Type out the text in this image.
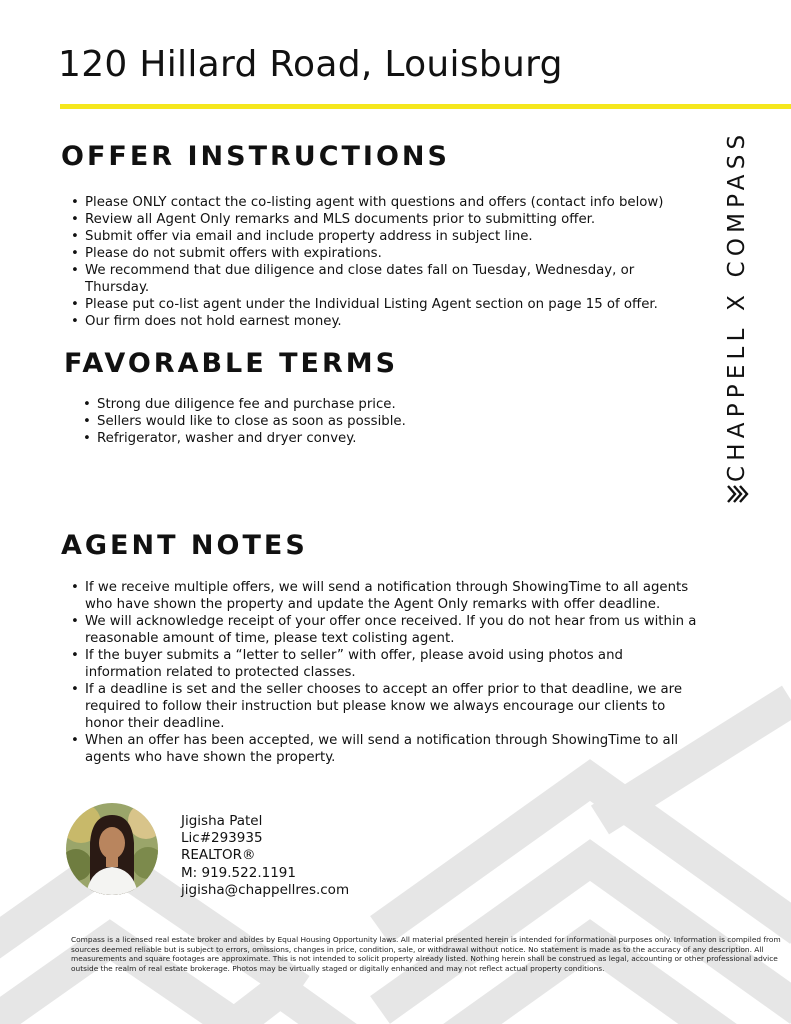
120 Hillard Road, Louisburg
CHAPPELL X COMPASS
OFFER INSTRUCTIONS
• Please ONLY contact the co-listing agent with questions and offers (contact info below)
• Review all Agent Only remarks and MLS documents prior to submitting offer.
• Submit offer via email and include property address in subject line.
• Please do not submit offers with expirations.
• We recommend that due diligence and close dates fall on Tuesday, Wednesday, or Thursday.
• Please put co-list agent under the Individual Listing Agent section on page 15 of offer.
• Our firm does not hold earnest money.
FAVORABLE TERMS
• Strong due diligence fee and purchase price.
• Sellers would like to close as soon as possible.
• Refrigerator, washer and dryer convey.
AGENT NOTES
• If we receive multiple offers, we will send a notification through ShowingTime to all agents who have shown the property and update the Agent Only remarks with offer deadline.
• We will acknowledge receipt of your offer once received. If you do not hear from us within a reasonable amount of time, please text colisting agent.
• If the buyer submits a “letter to seller” with offer, please avoid using photos and information related to protected classes.
• If a deadline is set and the seller chooses to accept an offer prior to that deadline, we are required to follow their instruction but please know we always encourage our clients to honor their deadline.
• When an offer has been accepted, we will send a notification through ShowingTime to all agents who have shown the property.
Jigisha Patel
Lic#293935
REALTOR®
M: 919.522.1191
jigisha@chappellres.com

Compass is a licensed real estate broker and abides by Equal Housing Opportunity laws. All material presented herein is intended for informational purposes only. Information is compiled from sources deemed reliable but is subject to errors, omissions, changes in price, condition, sale, or withdrawal without notice. No statement is made as to the accuracy of any description. All measurements and square footages are approximate. This is not intended to solicit property already listed. Nothing herein shall be construed as legal, accounting or other professional advice outside the realm of real estate brokerage. Photos may be virtually staged or digitally enhanced and may not reflect actual property conditions.
